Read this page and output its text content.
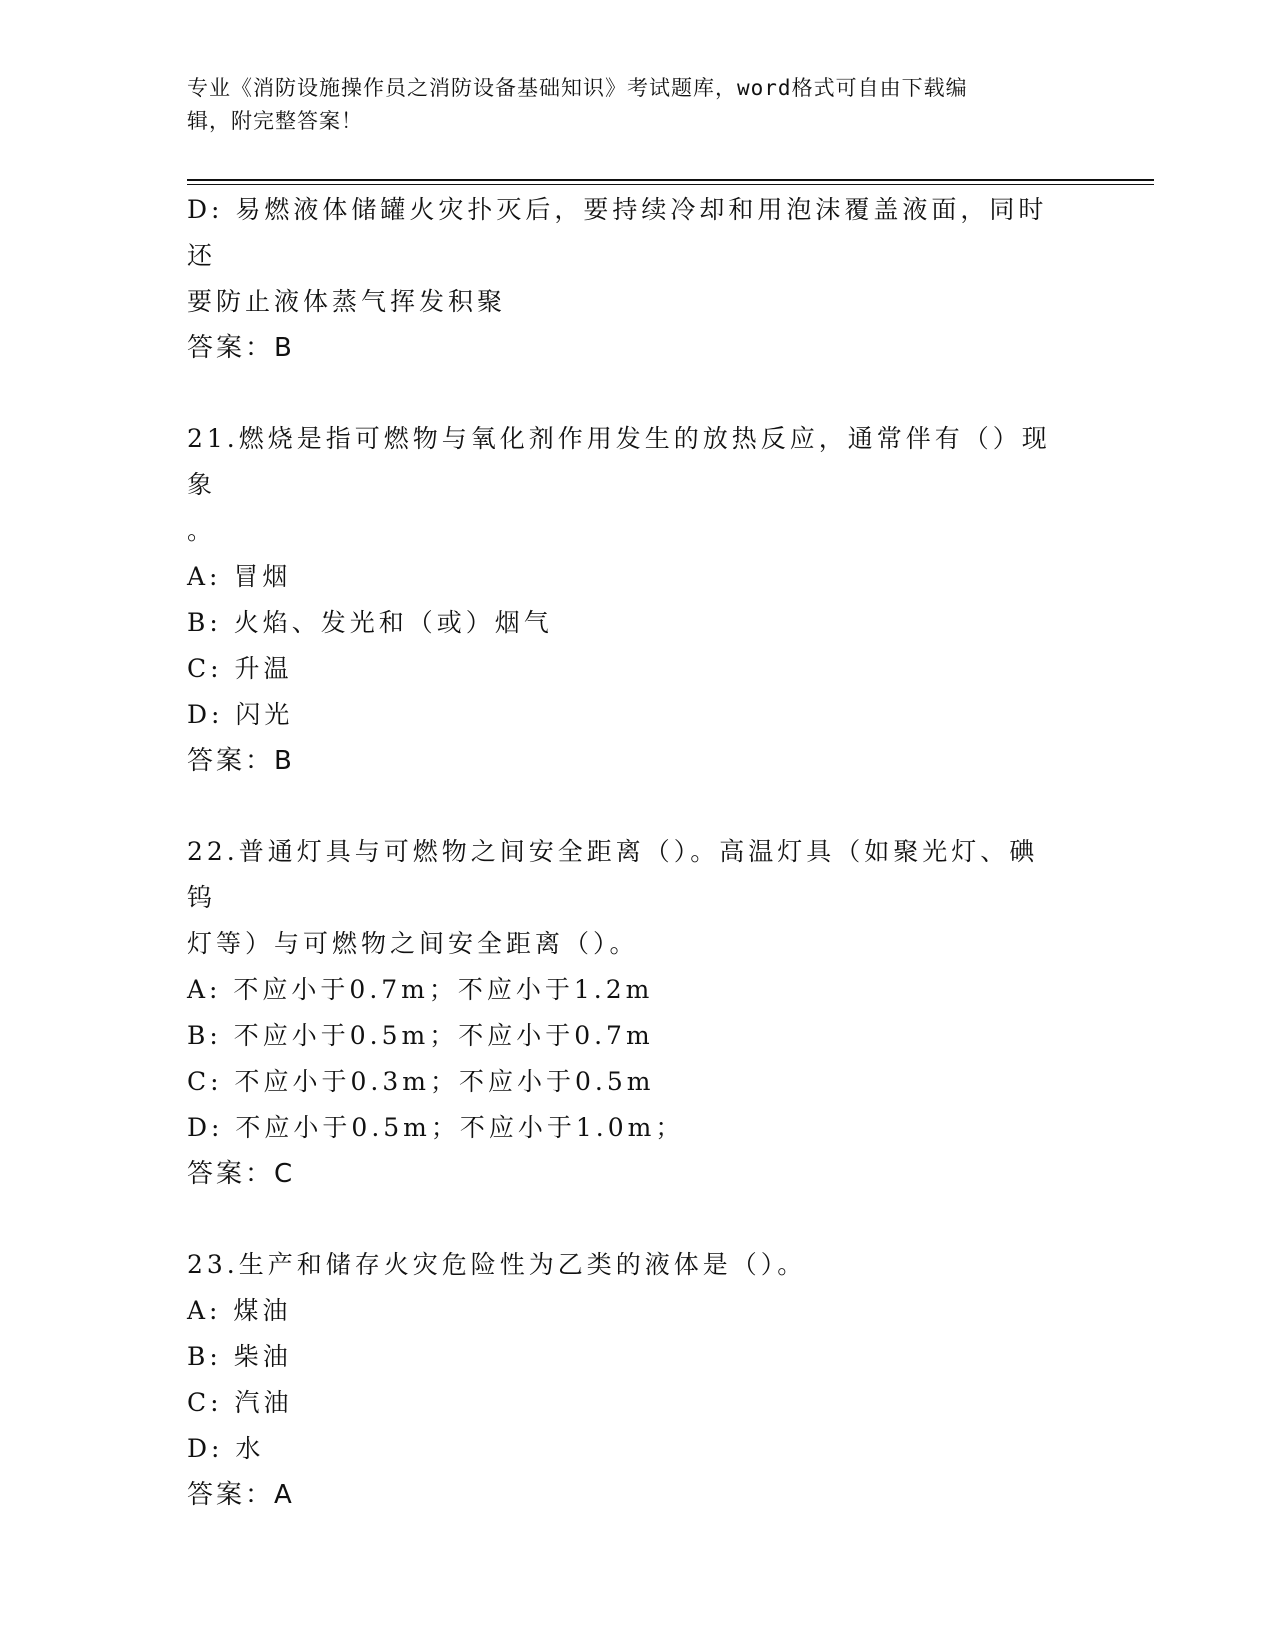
专业《消防设施操作员之消防设备基础知识》考试题库，word格式可自由下载编
辑，附完整答案！

D: 易燃液体储罐火灾扑灭后，要持续冷却和用泡沫覆盖液面，同时还

要防止液体蒸气挥发积聚

答案：B

21.燃烧是指可燃物与氧化剂作用发生的放热反应，通常伴有（）现象

。

A: 冒烟

B: 火焰、发光和（或）烟气

C: 升温

D: 闪光

答案：B

22.普通灯具与可燃物之间安全距离（）。高温灯具（如聚光灯、碘钨

灯等）与可燃物之间安全距离（）。

A: 不应小于0.7m；不应小于1.2m

B: 不应小于0.5m；不应小于0.7m

C: 不应小于0.3m；不应小于0.5m

D: 不应小于0.5m；不应小于1.0m；

答案：C

23.生产和储存火灾危险性为乙类的液体是（）。

A: 煤油

B: 柴油

C: 汽油

D: 水

答案：A
